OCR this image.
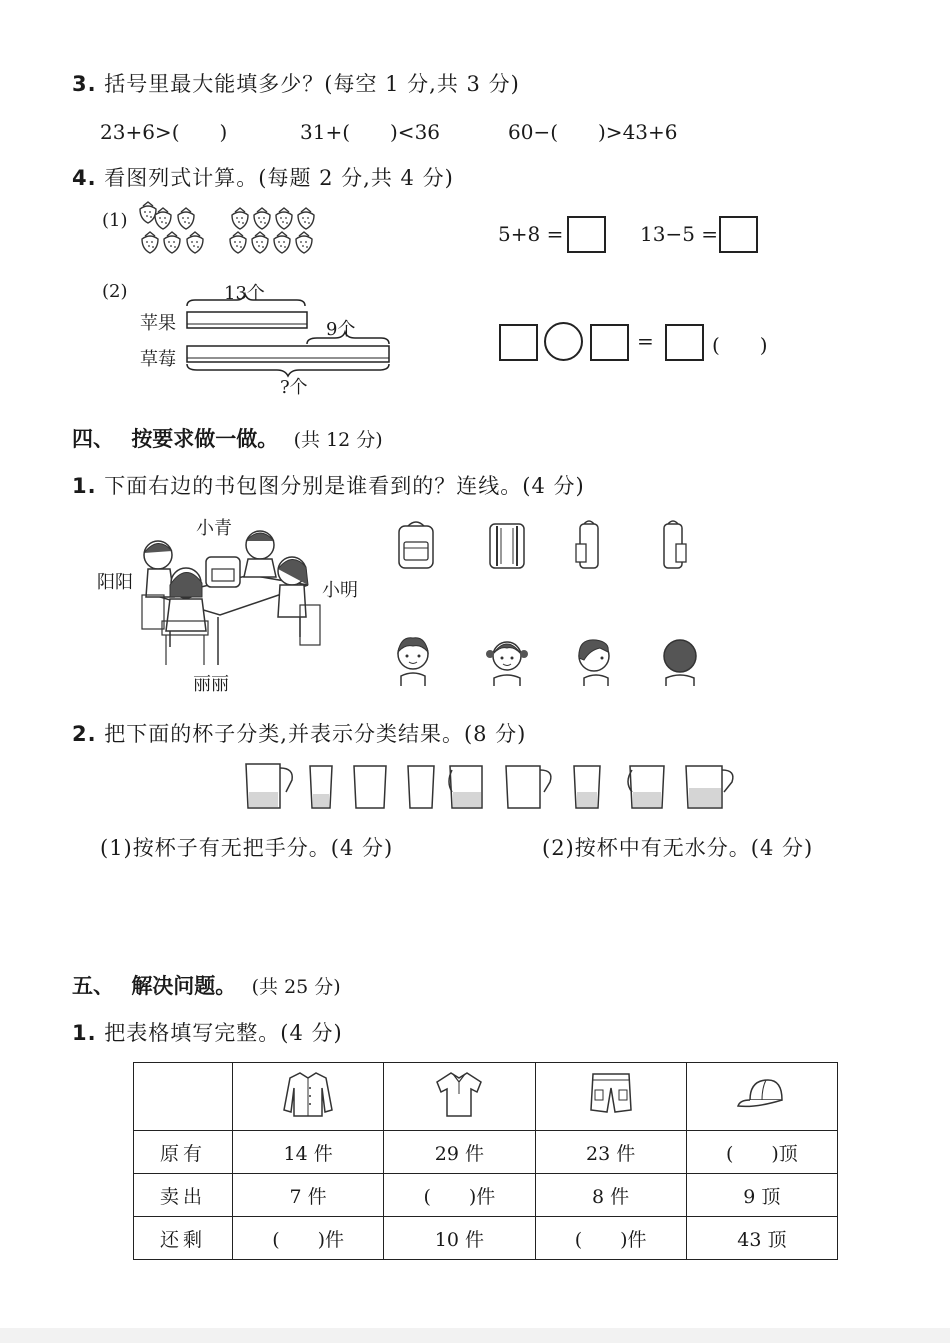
3. 括号里最大能填多少？(每空 1 分,共 3 分)
23+6>(　　)	31+(　　)<36	60−(　　)>43+6
4. 看图列式计算。(每题 2 分,共 4 分)
(1)
5+8 =	13−5 =
(2)	13个
9个
苹果
草莓
?个
=	(　　)
四、 按要求做一做。 (共 12 分)
1. 下面右边的书包图分别是谁看到的？连线。(4 分)
小青
阳阳	小明
丽丽
2. 把下面的杯子分类,并表示分类结果。(8 分)
(1)按杯子有无把手分。(4 分)	(2)按杯中有无水分。(4 分)
五、 解决问题。 (共 25 分)
1. 把表格填写完整。(4 分)

原有	14 件	29 件	23 件	(　　)顶
卖出	7 件	(　　)件	8 件	9 顶
还剩	(　　)件	10 件	(　　)件	43 顶
